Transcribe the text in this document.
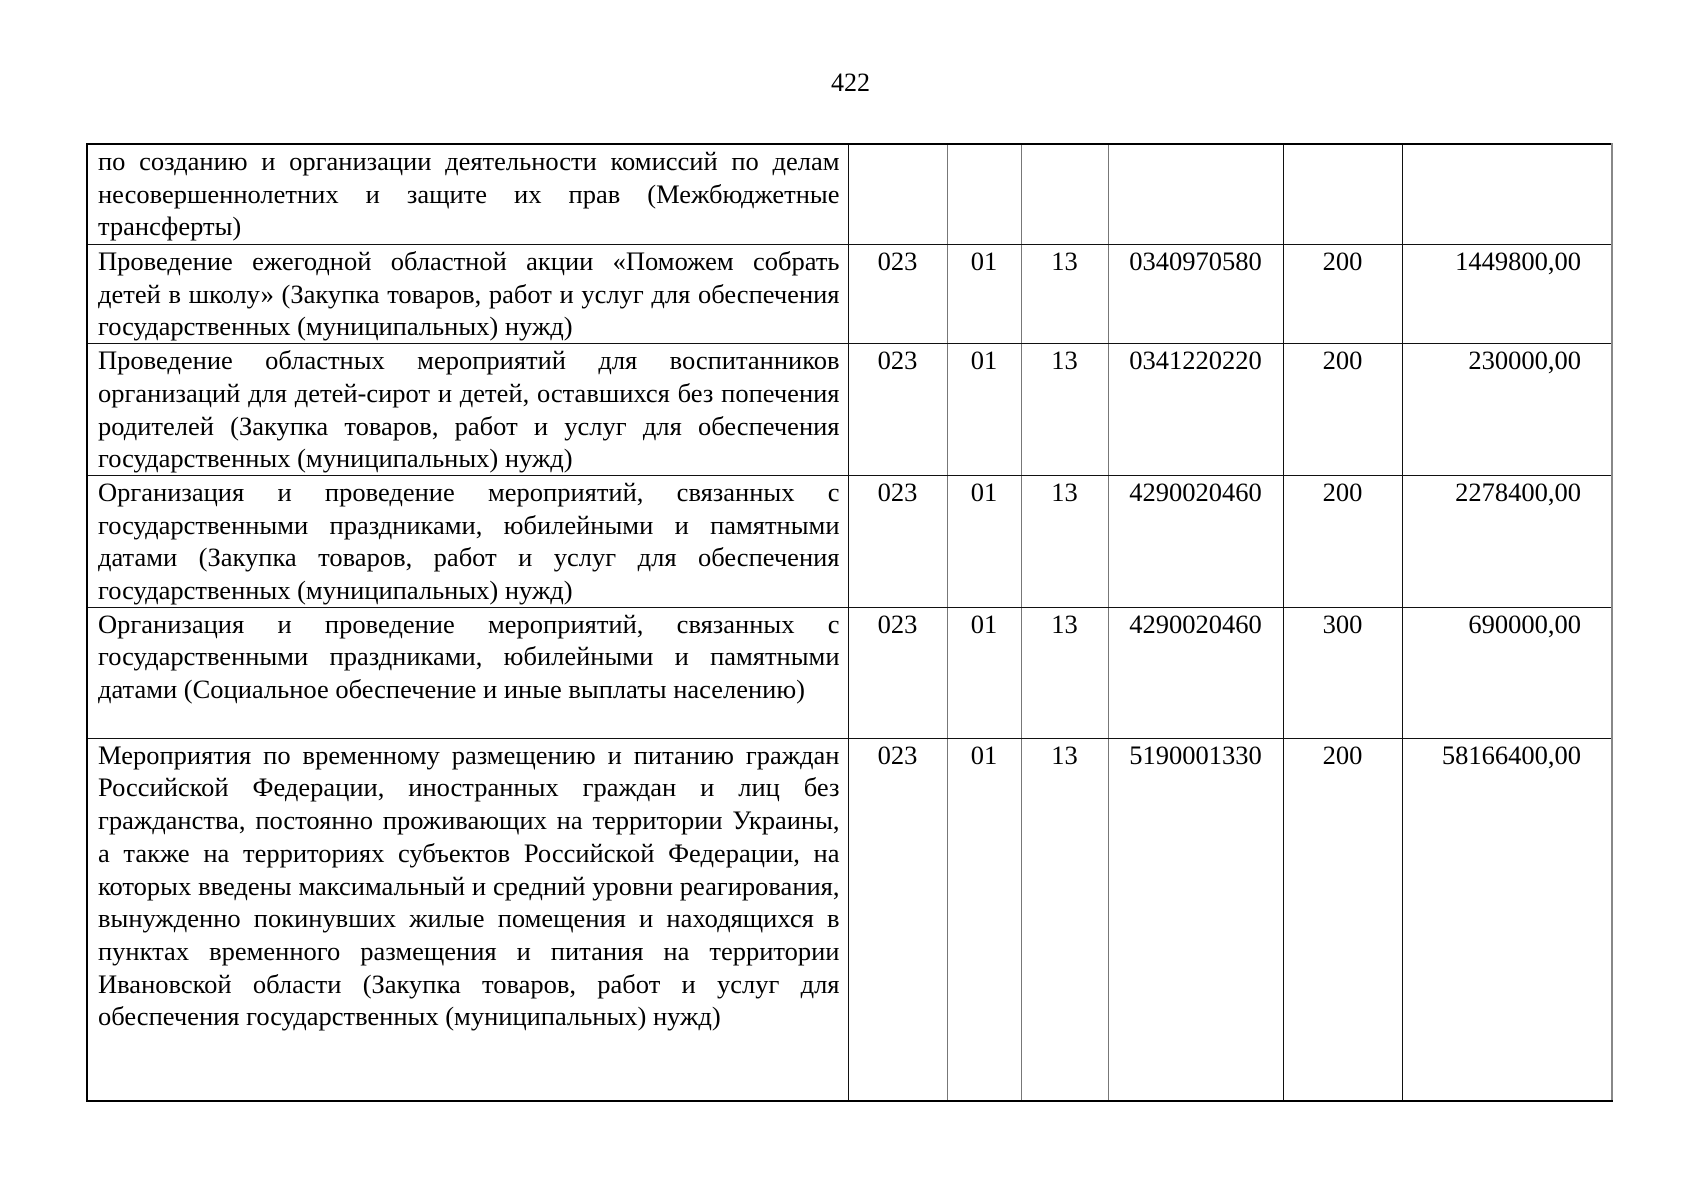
422
по созданию и организации деятельности комиссий по делам несовершеннолетних и защите их прав (Межбюджетные трансферты)						
Проведение ежегодной областной акции «Поможем собрать детей в школу» (Закупка товаров, работ и услуг для обеспечения государственных (муниципальных) нужд)	023	01	13	0340970580	200	1449800,00
Проведение областных мероприятий для воспитанников организаций для детей-сирот и детей, оставшихся без попечения родителей (Закупка товаров, работ и услуг для обеспечения государственных (муниципальных) нужд)	023	01	13	0341220220	200	230000,00
Организация и проведение мероприятий, связанных с государственными праздниками, юбилейными и памятными датами (Закупка товаров, работ и услуг для обеспечения государственных (муниципальных) нужд)	023	01	13	4290020460	200	2278400,00
Организация и проведение мероприятий, связанных с государственными праздниками, юбилейными и памятными датами (Социальное обеспечение и иные выплаты населению)	023	01	13	4290020460	300	690000,00
Мероприятия по временному размещению и питанию граждан Российской Федерации, иностранных граждан и лиц без гражданства, постоянно проживающих на территории Украины, а также на территориях субъектов Российской Федерации, на которых введены максимальный и средний уровни реагирования, вынужденно покинувших жилые помещения и находящихся в пунктах временного размещения и питания на территории Ивановской области (Закупка товаров, работ и услуг для обеспечения государственных (муниципальных) нужд)	023	01	13	5190001330	200	58166400,00
